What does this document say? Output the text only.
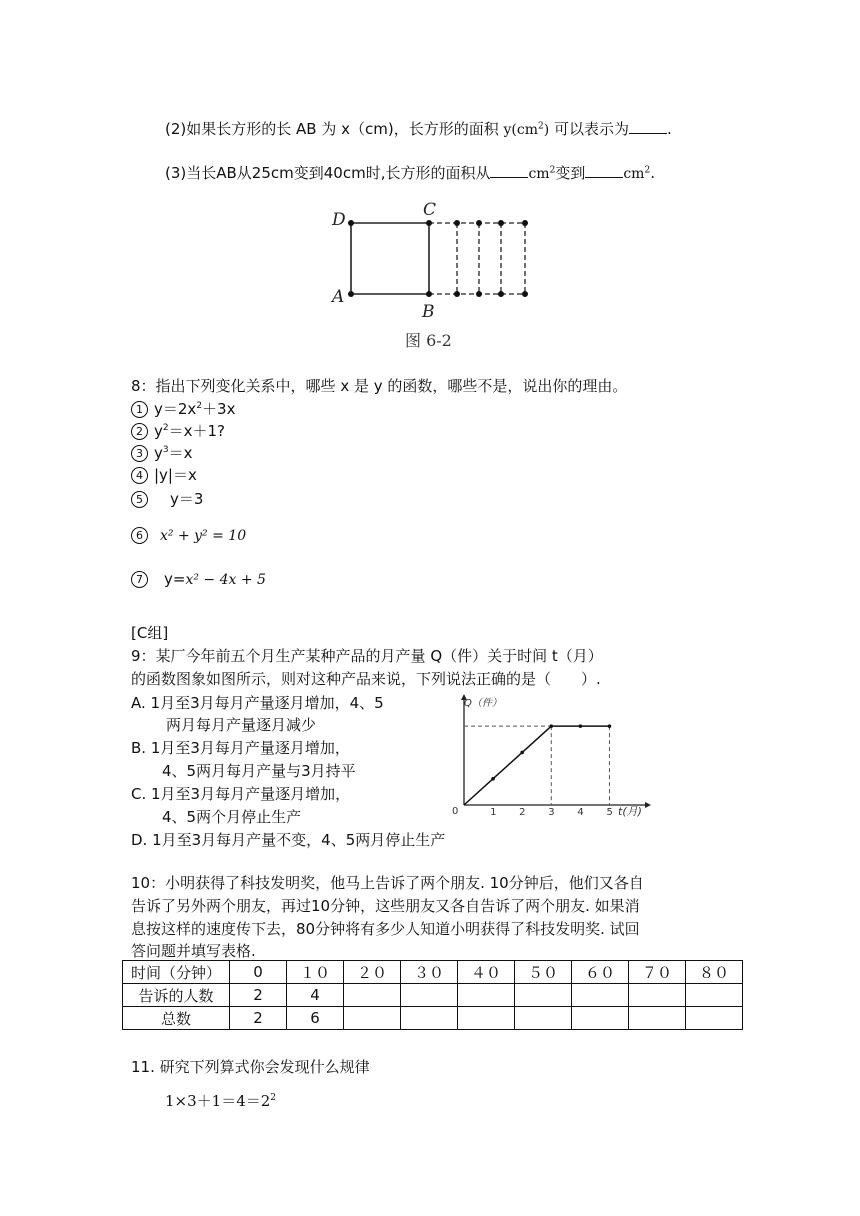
(2)如果长方形的长 AB 为 x（cm)，长方形的面积 $y(cm^2)$ 可以表示为	.
(3)当长AB从25cm变到40cm时,长方形的面积从	$cm^2$变到	$cm^2$.
D	C
A
B
图 6-2
8：指出下列变化关系中，哪些 x 是 y 的函数，哪些不是，说出你的理由。
1 $y=2x^2+3x$
2 $y^2=x+1$?
3 $y^3=x$
4 |y|＝x
5 y＝3
6 x² + y² = 10
7 y=x² − 4x + 5
[C组]
9：某厂今年前五个月生产某种产品的月产量 Q（件）关于时间 t（月）
的函数图象如图所示，则对这种产品来说，下列说法正确的是（　　）.
A. 1月至3月每月产量逐月增加，4、5
两月每月产量逐月减少
B. 1月至3月每月产量逐月增加，
4、5两月每月产量与3月持平
C. 1月至3月每月产量逐月增加，
4、5两个月停止生产
D. 1月至3月每月产量不变，4、5两月停止生产
Q（件）
t(月)
0	1 2 3 4 5
10：小明获得了科技发明奖，他马上告诉了两个朋友. 10分钟后，他们又各自
告诉了另外两个朋友，再过10分钟，这些朋友又各自告诉了两个朋友. 如果消
息按这样的速度传下去，80分钟将有多少人知道小明获得了科技发明奖. 试回
答问题并填写表格.
时间（分钟）	0	１０	２０	３０	４０	５０	６０	７０	８０
告诉的人数	2	4							
总数	2	6							
11. 研究下列算式你会发现什么规律
$1\times 3+1=4=2^2$
